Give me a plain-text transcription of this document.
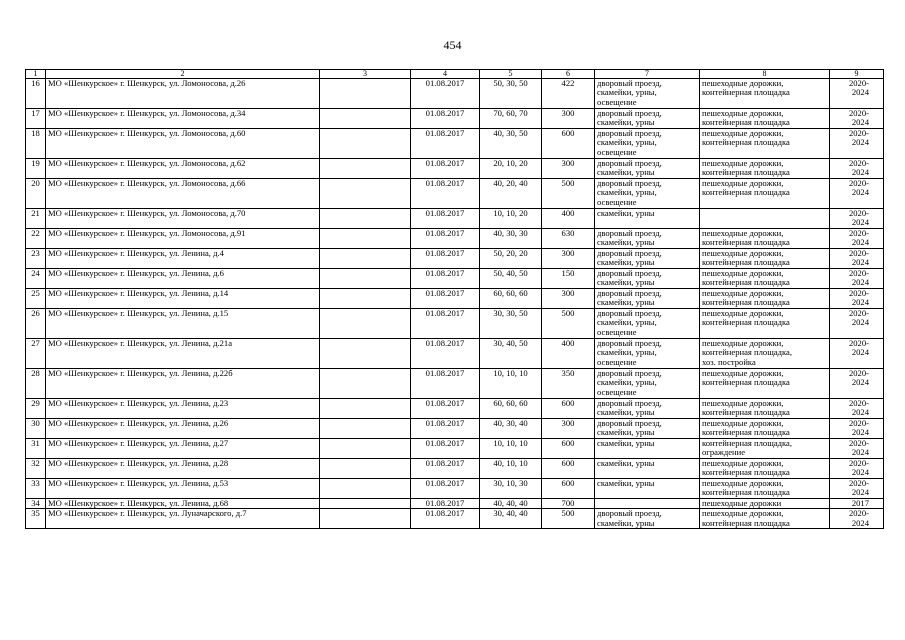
454
1	2	3	4	5	6	7	8	9
16	МО «Шенкурское» г. Шенкурск, ул. Ломоносова, д.26		01.08.2017	50, 30, 50	422	дворовый проезд,
скамейки, урны,
освещение	пешеходные дорожки,
контейнерная площадка	2020-
2024
17	МО «Шенкурское» г. Шенкурск, ул. Ломоносова, д.34		01.08.2017	70, 60, 70	300	дворовый проезд,
скамейки, урны	пешеходные дорожки,
контейнерная площадка	2020-
2024
18	МО «Шенкурское» г. Шенкурск, ул. Ломоносова, д.60		01.08.2017	40, 30, 50	600	дворовый проезд,
скамейки, урны,
освещение	пешеходные дорожки,
контейнерная площадка	2020-
2024
19	МО «Шенкурское» г. Шенкурск, ул. Ломоносова, д.62		01.08.2017	20, 10, 20	300	дворовый проезд,
скамейки, урны	пешеходные дорожки,
контейнерная площадка	2020-
2024
20	МО «Шенкурское» г. Шенкурск, ул. Ломоносова, д.66		01.08.2017	40, 20, 40	500	дворовый проезд,
скамейки, урны,
освещение	пешеходные дорожки,
контейнерная площадка	2020-
2024
21	МО «Шенкурское» г. Шенкурск, ул. Ломоносова, д.70		01.08.2017	10, 10, 20	400	скамейки, урны		2020-
2024
22	МО «Шенкурское» г. Шенкурск, ул. Ломоносова, д.91		01.08.2017	40, 30, 30	630	дворовый проезд,
скамейки, урны	пешеходные дорожки,
контейнерная площадка	2020-
2024
23	МО «Шенкурское» г. Шенкурск, ул. Ленина, д.4		01.08.2017	50, 20, 20	300	дворовый проезд,
скамейки, урны	пешеходные дорожки,
контейнерная площадка	2020-
2024
24	МО «Шенкурское» г. Шенкурск, ул. Ленина, д.6		01.08.2017	50, 40, 50	150	дворовый проезд,
скамейки, урны	пешеходные дорожки,
контейнерная площадка	2020-
2024
25	МО «Шенкурское» г. Шенкурск, ул. Ленина, д.14		01.08.2017	60, 60, 60	300	дворовый проезд,
скамейки, урны	пешеходные дорожки,
контейнерная площадка	2020-
2024
26	МО «Шенкурское» г. Шенкурск, ул. Ленина, д.15		01.08.2017	30, 30, 50	500	дворовый проезд,
скамейки, урны,
освещение	пешеходные дорожки,
контейнерная площадка	2020-
2024
27	МО «Шенкурское» г. Шенкурск, ул. Ленина, д.21а		01.08.2017	30, 40, 50	400	дворовый проезд,
скамейки, урны,
освещение	пешеходные дорожки,
контейнерная площадка,
хоз. постройка	2020-
2024
28	МО «Шенкурское» г. Шенкурск, ул. Ленина, д.22б		01.08.2017	10, 10, 10	350	дворовый проезд,
скамейки, урны,
освещение	пешеходные дорожки,
контейнерная площадка	2020-
2024
29	МО «Шенкурское» г. Шенкурск, ул. Ленина, д.23		01.08.2017	60, 60, 60	600	дворовый проезд,
скамейки, урны	пешеходные дорожки,
контейнерная площадка	2020-
2024
30	МО «Шенкурское» г. Шенкурск, ул. Ленина, д.26		01.08.2017	40, 30, 40	300	дворовый проезд,
скамейки, урны	пешеходные дорожки,
контейнерная площадка	2020-
2024
31	МО «Шенкурское» г. Шенкурск, ул. Ленина, д.27		01.08.2017	10, 10, 10	600	скамейки, урны	контейнерная площадка,
ограждение	2020-
2024
32	МО «Шенкурское» г. Шенкурск, ул. Ленина, д.28		01.08.2017	40, 10, 10	600	скамейки, урны	пешеходные дорожки,
контейнерная площадка	2020-
2024
33	МО «Шенкурское» г. Шенкурск, ул. Ленина, д.53		01.08.2017	30, 10, 30	600	скамейки, урны	пешеходные дорожки,
контейнерная площадка	2020-
2024
34	МО «Шенкурское» г. Шенкурск, ул. Ленина, д.68		01.08.2017	40, 40, 40	700		пешеходные дорожки	2017
35	МО «Шенкурское» г. Шенкурск, ул. Луначарского, д.7		01.08.2017	30, 40, 40	500	дворовый проезд,
скамейки, урны	пешеходные дорожки,
контейнерная площадка	2020-
2024
